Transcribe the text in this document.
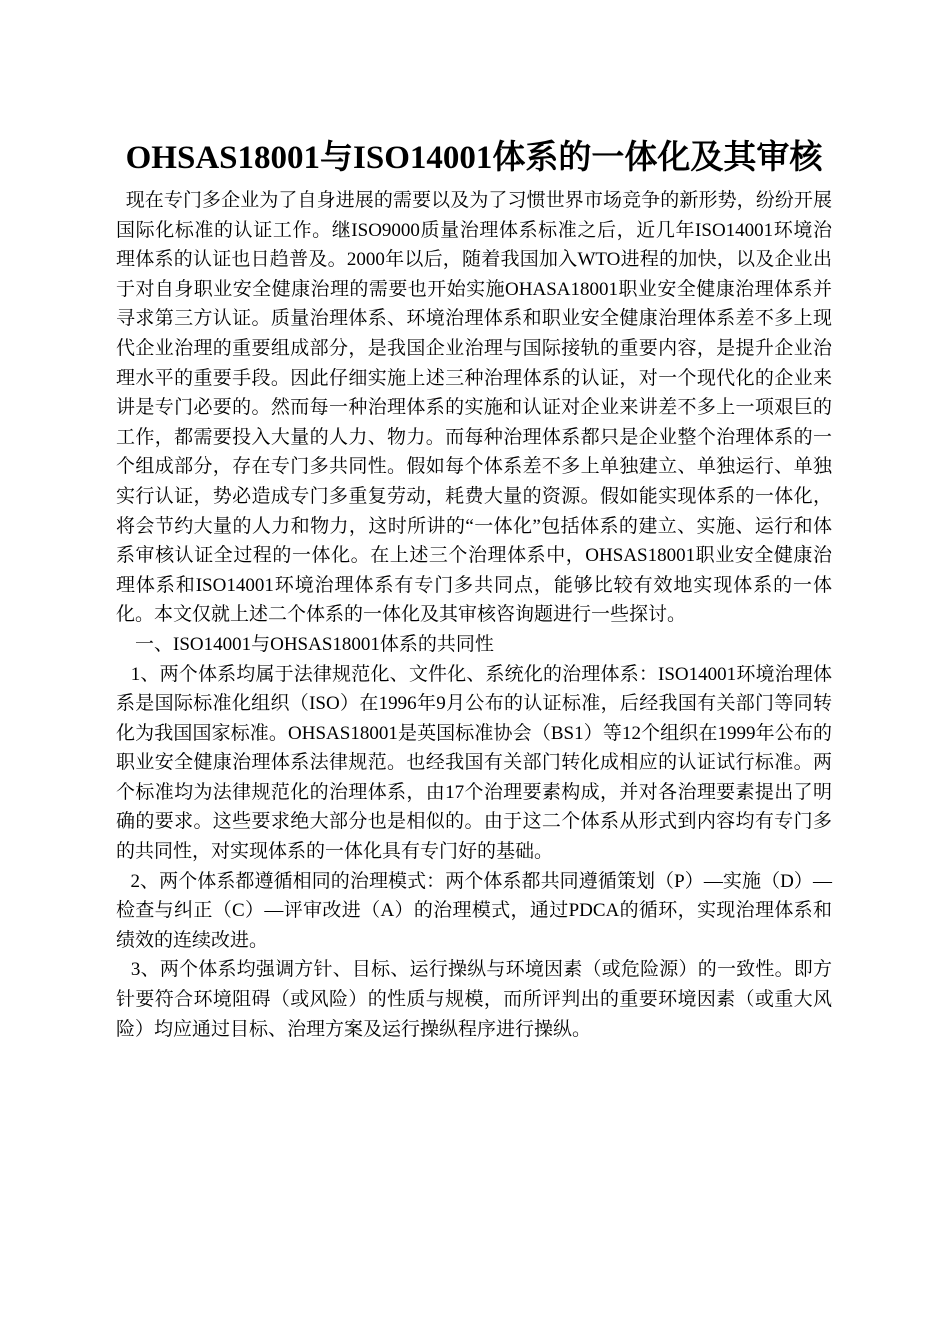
OHSAS18001与ISO14001体系的一体化及其审核

现在专门多企业为了自身进展的需要以及为了习惯世界市场竞争的新形势，纷纷开展国际化标准的认证工作。继ISO9000质量治理体系标准之后，近几年ISO14001环境治理体系的认证也日趋普及。2000年以后，随着我国加入WTO进程的加快，以及企业出于对自身职业安全健康治理的需要也开始实施OHASA18001职业安全健康治理体系并寻求第三方认证。质量治理体系、环境治理体系和职业安全健康治理体系差不多上现代企业治理的重要组成部分，是我国企业治理与国际接轨的重要内容，是提升企业治理水平的重要手段。因此仔细实施上述三种治理体系的认证，对一个现代化的企业来讲是专门必要的。然而每一种治理体系的实施和认证对企业来讲差不多上一项艰巨的工作，都需要投入大量的人力、物力。而每种治理体系都只是企业整个治理体系的一个组成部分，存在专门多共同性。假如每个体系差不多上单独建立、单独运行、单独实行认证，势必造成专门多重复劳动，耗费大量的资源。假如能实现体系的一体化，将会节约大量的人力和物力，这时所讲的“一体化”包括体系的建立、实施、运行和体系审核认证全过程的一体化。在上述三个治理体系中，OHSAS18001职业安全健康治理体系和ISO14001环境治理体系有专门多共同点，能够比较有效地实现体系的一体化。本文仅就上述二个体系的一体化及其审核咨询题进行一些探讨。

一、ISO14001与OHSAS18001体系的共同性

1、两个体系均属于法律规范化、文件化、系统化的治理体系：ISO14001环境治理体系是国际标准化组织（ISO）在1996年9月公布的认证标准，后经我国有关部门等同转化为我国国家标准。OHSAS18001是英国标准协会（BS1）等12个组织在1999年公布的职业安全健康治理体系法律规范。也经我国有关部门转化成相应的认证试行标准。两个标准均为法律规范化的治理体系，由17个治理要素构成，并对各治理要素提出了明确的要求。这些要求绝大部分也是相似的。由于这二个体系从形式到内容均有专门多的共同性，对实现体系的一体化具有专门好的基础。

2、两个体系都遵循相同的治理模式：两个体系都共同遵循策划（P）—实施（D）—检查与纠正（C）—评审改进（A）的治理模式，通过PDCA的循环，实现治理体系和绩效的连续改进。

3、两个体系均强调方针、目标、运行操纵与环境因素（或危险源）的一致性。即方针要符合环境阻碍（或风险）的性质与规模，而所评判出的重要环境因素（或重大风险）均应通过目标、治理方案及运行操纵程序进行操纵。
